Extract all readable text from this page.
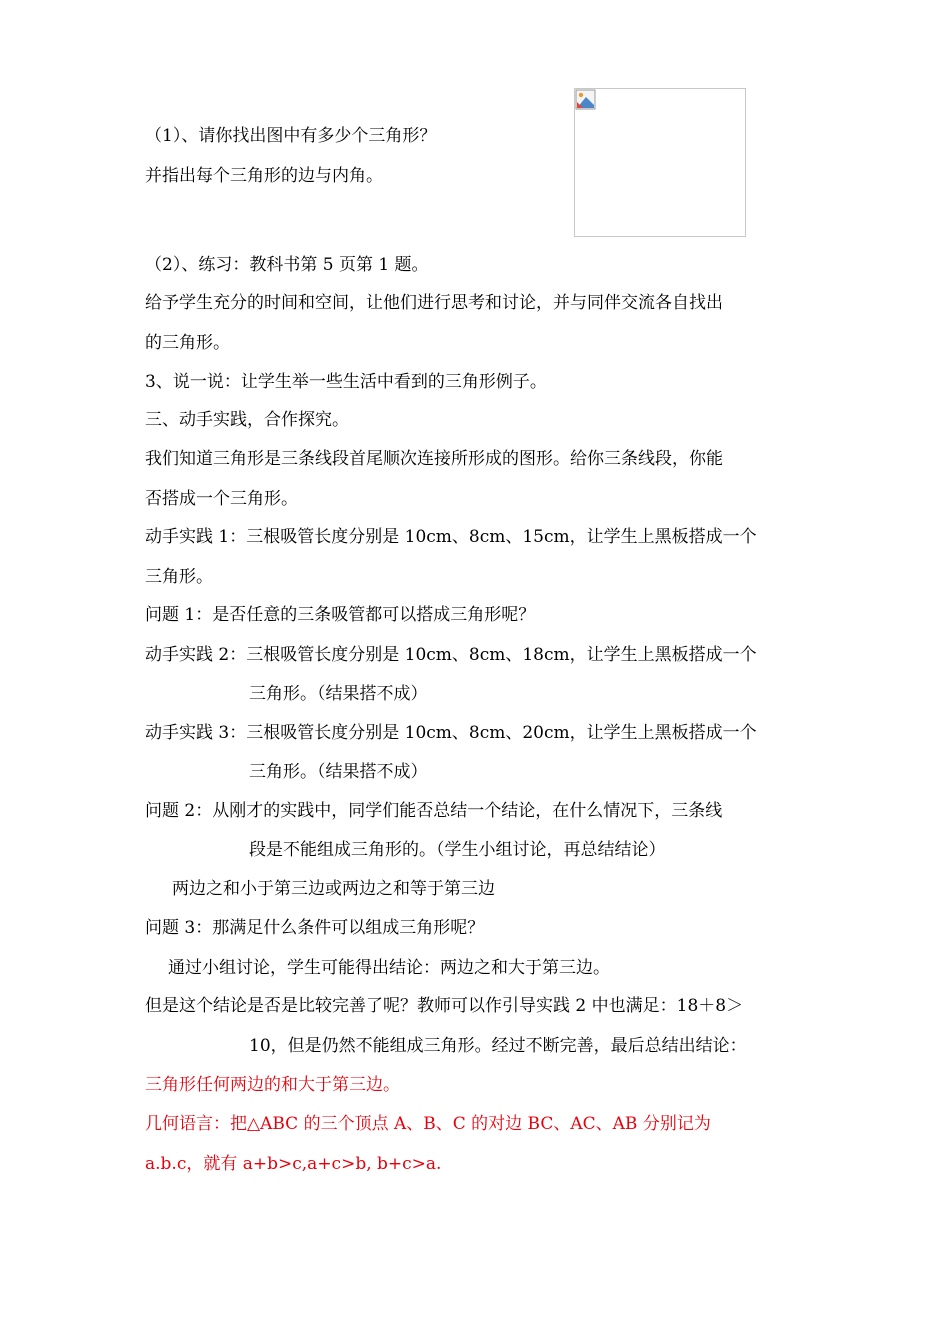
（1）、请你找出图中有多少个三角形？
并指出每个三角形的边与内角。
（2）、练习：教科书第 5 页第 1 题。
给予学生充分的时间和空间，让他们进行思考和讨论，并与同伴交流各自找出
的三角形。
3、说一说：让学生举一些生活中看到的三角形例子。
三、动手实践，合作探究。
我们知道三角形是三条线段首尾顺次连接所形成的图形。给你三条线段，你能
否搭成一个三角形。
动手实践 1：三根吸管长度分别是 10cm、8cm、15cm，让学生上黑板搭成一个
三角形。
问题 1：是否任意的三条吸管都可以搭成三角形呢？
动手实践 2：三根吸管长度分别是 10cm、8cm、18cm，让学生上黑板搭成一个
三角形。（结果搭不成）
动手实践 3：三根吸管长度分别是 10cm、8cm、20cm，让学生上黑板搭成一个
三角形。（结果搭不成）
问题 2：从刚才的实践中，同学们能否总结一个结论，在什么情况下，三条线
段是不能组成三角形的。（学生小组讨论，再总结结论）
两边之和小于第三边或两边之和等于第三边
问题 3：那满足什么条件可以组成三角形呢？
通过小组讨论，学生可能得出结论：两边之和大于第三边。
但是这个结论是否是比较完善了呢？教师可以作引导实践 2 中也满足：18＋8＞
10，但是仍然不能组成三角形。经过不断完善，最后总结出结论：
三角形任何两边的和大于第三边。
几何语言：把△ABC 的三个顶点 A、B、C 的对边 BC、AC、AB 分别记为
a.b.c，就有 a+b>c,a+c>b, b+c>a.
